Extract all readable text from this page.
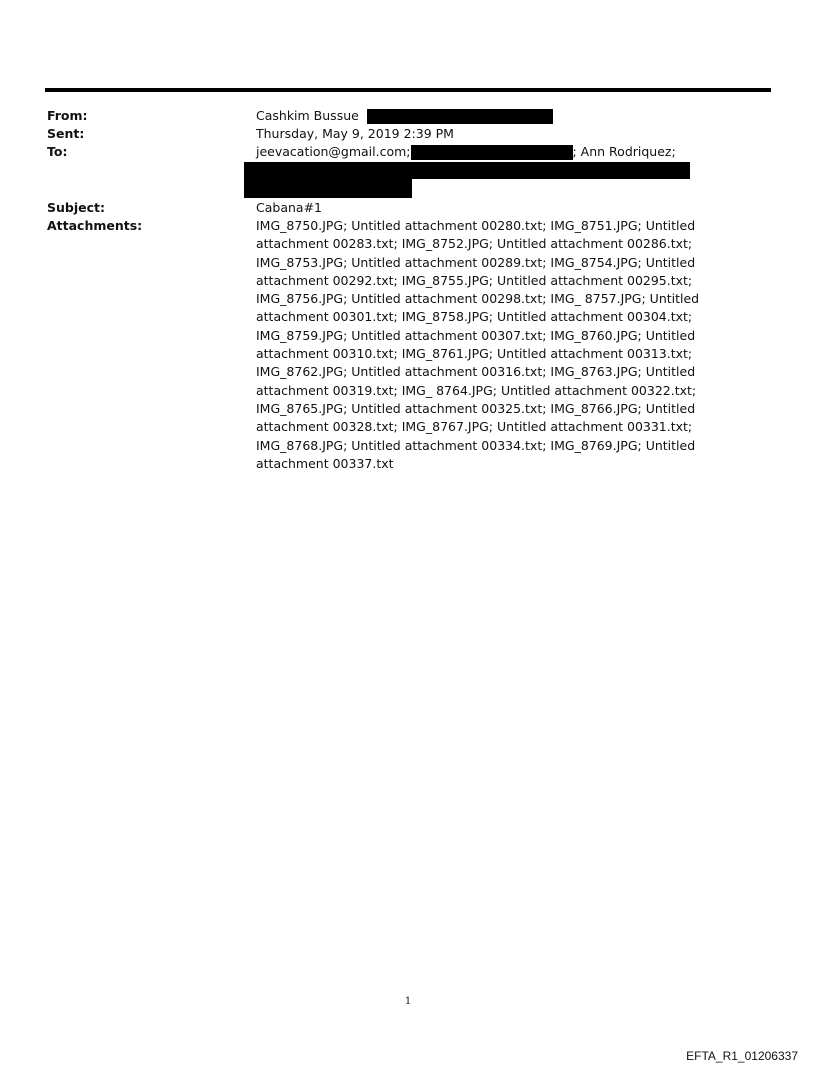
From:
Sent:
To:
Subject:
Attachments:
Cashkim Bussue
Thursday, May 9, 2019 2:39 PM
jeevacation@gmail.com;	; Ann Rodriquez;
Cabana#1
IMG_8750.JPG; Untitled attachment 00280.txt; IMG_8751.JPG; Untitled attachment 00283.txt; IMG_8752.JPG; Untitled attachment 00286.txt; IMG_8753.JPG; Untitled attachment 00289.txt; IMG_8754.JPG; Untitled attachment 00292.txt; IMG_8755.JPG; Untitled attachment 00295.txt; IMG_8756.JPG; Untitled attachment 00298.txt; IMG_ 8757.JPG; Untitled attachment 00301.txt; IMG_8758.JPG; Untitled attachment 00304.txt; IMG_8759.JPG; Untitled attachment 00307.txt; IMG_8760.JPG; Untitled attachment 00310.txt; IMG_8761.JPG; Untitled attachment 00313.txt; IMG_8762.JPG; Untitled attachment 00316.txt; IMG_8763.JPG; Untitled attachment 00319.txt; IMG_ 8764.JPG; Untitled attachment 00322.txt; IMG_8765.JPG; Untitled attachment 00325.txt; IMG_8766.JPG; Untitled attachment 00328.txt; IMG_8767.JPG; Untitled attachment 00331.txt; IMG_8768.JPG; Untitled attachment 00334.txt; IMG_8769.JPG; Untitled attachment 00337.txt
1
EFTA_R1_01206337
